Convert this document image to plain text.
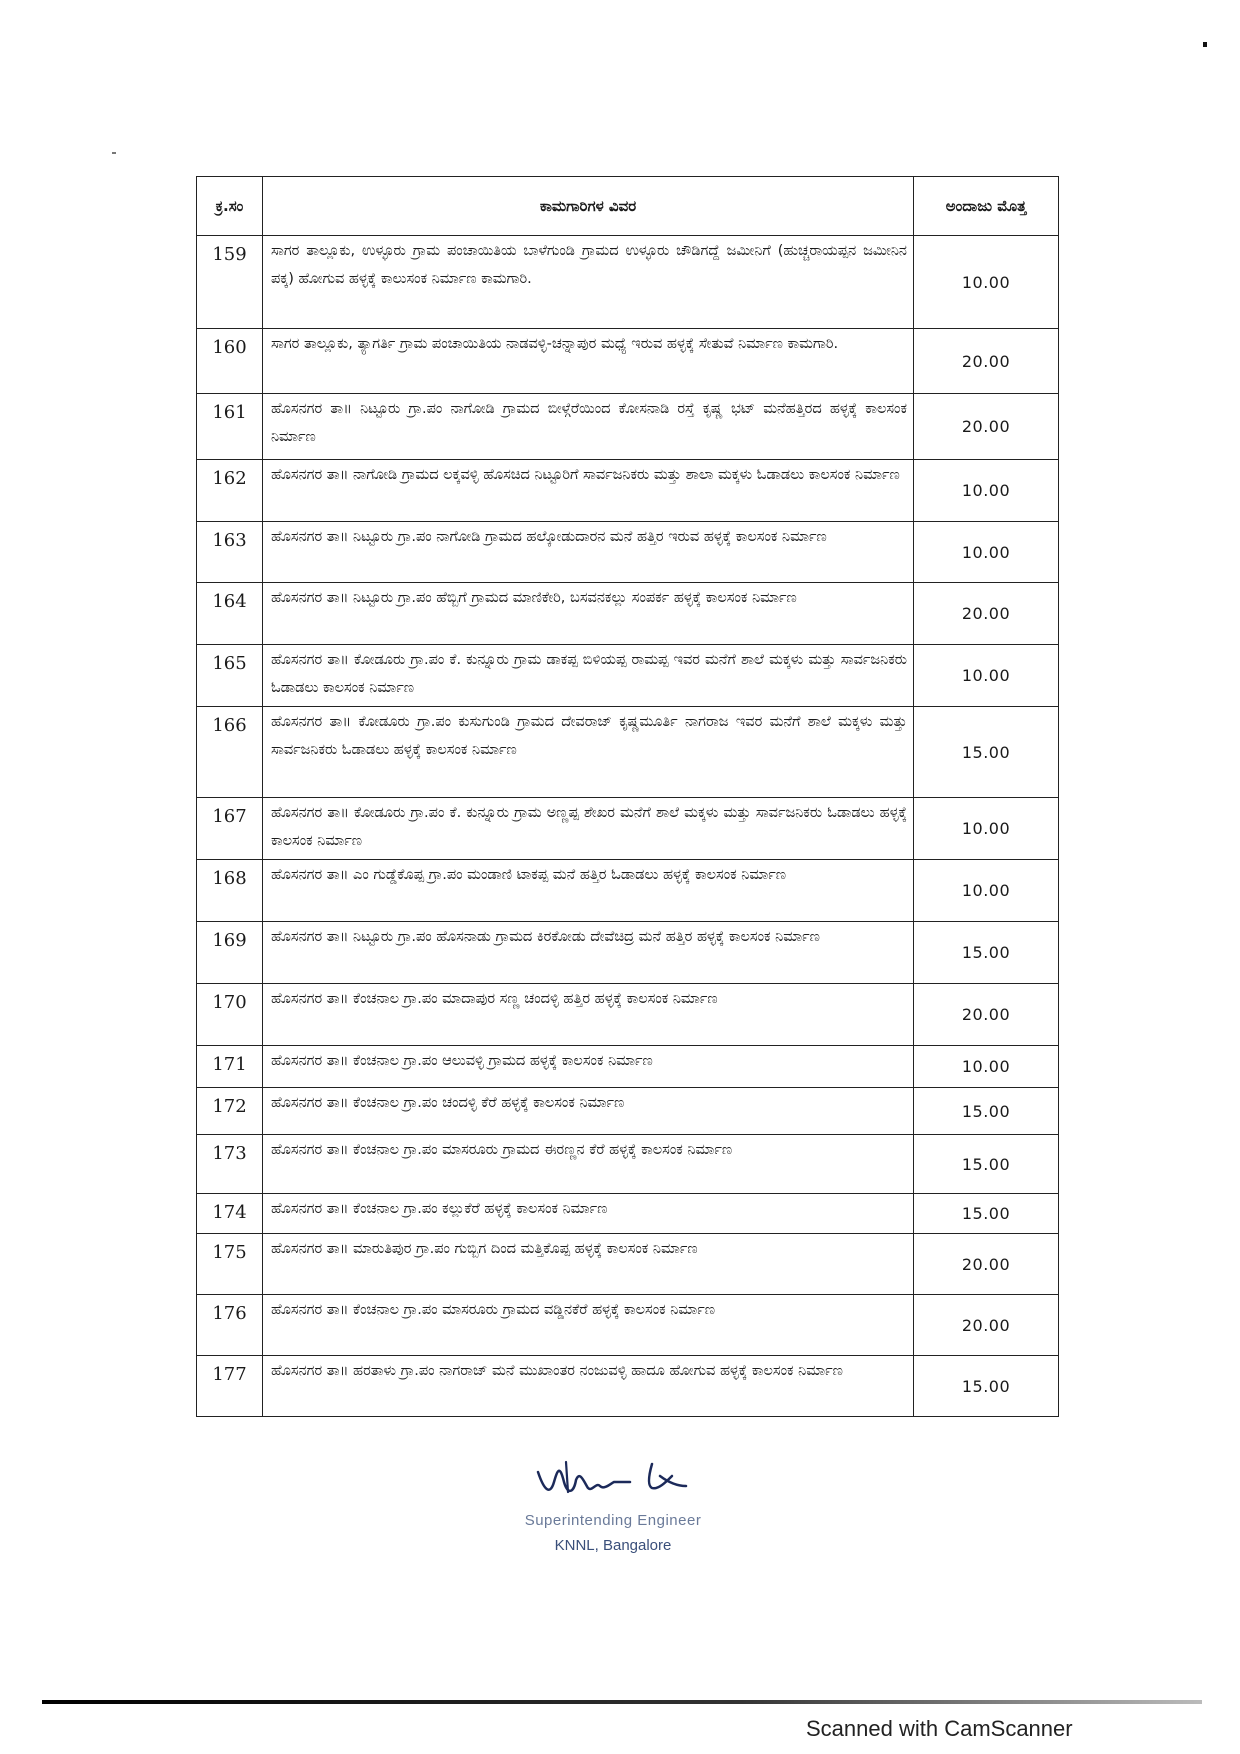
ಕ್ರ.ಸಂ	ಕಾಮಗಾರಿಗಳ ವಿವರ	ಅಂದಾಜು ಮೊತ್ತ
159	ಸಾಗರ ತಾಲ್ಲೂಕು, ಉಳ್ಳೂರು ಗ್ರಾಮ ಪಂಚಾಯಿತಿಯ ಬಾಳೆಗುಂಡಿ ಗ್ರಾಮದ ಉಳ್ಳೂರು ಚೌಡಿಗದ್ದೆ ಜಮೀನಿಗೆ (ಹುಚ್ಚರಾಯಪ್ಪನ ಜಮೀನಿನ ಪಕ್ಕ) ಹೋಗುವ ಹಳ್ಳಕ್ಕೆ ಕಾಲುಸಂಕ ನಿರ್ಮಾಣ ಕಾಮಗಾರಿ.	10.00
160	ಸಾಗರ ತಾಲ್ಲೂಕು, ತ್ಯಾಗರ್ತಿ ಗ್ರಾಮ ಪಂಚಾಯಿತಿಯ ನಾಡವಳ್ಳಿ-ಚನ್ನಾಪುರ ಮಧ್ಯೆ ಇರುವ ಹಳ್ಳಕ್ಕೆ ಸೇತುವೆ ನಿರ್ಮಾಣ ಕಾಮಗಾರಿ.	20.00
161	ಹೊಸನಗರ ತಾ॥ ನಿಟ್ಟೂರು ಗ್ರಾ.ಪಂ ನಾಗೋಡಿ ಗ್ರಾಮದ ಬೀಳ್ಗೆರೆಯಿಂದ ಕೋಸನಾಡಿ ರಸ್ತೆ ಕೃಷ್ಣ ಭಟ್ ಮನೆಹತ್ತಿರದ ಹಳ್ಳಕ್ಕೆ ಕಾಲಸಂಕ ನಿರ್ಮಾಣ	20.00
162	ಹೊಸನಗರ ತಾ॥ ನಾಗೋಡಿ ಗ್ರಾಮದ ಲಕ್ಕವಳ್ಳಿ ಹೊಸಚಿದ ನಿಟ್ಟೂರಿಗೆ ಸಾರ್ವಜನಿಕರು ಮತ್ತು ಶಾಲಾ ಮಕ್ಕಳು ಓಡಾಡಲು ಕಾಲಸಂಕ ನಿರ್ಮಾಣ	10.00
163	ಹೊಸನಗರ ತಾ॥ ನಿಟ್ಟೂರು ಗ್ರಾ.ಪಂ ನಾಗೋಡಿ ಗ್ರಾಮದ ಹಲ್ಕೋಡುದಾರನ ಮನೆ ಹತ್ತಿರ ಇರುವ ಹಳ್ಳಕ್ಕೆ ಕಾಲಸಂಕ ನಿರ್ಮಾಣ	10.00
164	ಹೊಸನಗರ ತಾ॥ ನಿಟ್ಟೂರು ಗ್ರಾ.ಪಂ ಹೆಬ್ಬಿಗೆ ಗ್ರಾಮದ ಮಾಣಿಕೇರಿ, ಬಸವನಕಲ್ಲು ಸಂಪರ್ಕ ಹಳ್ಳಕ್ಕೆ ಕಾಲಸಂಕ ನಿರ್ಮಾಣ	20.00
165	ಹೊಸನಗರ ತಾ॥ ಕೋಡೂರು ಗ್ರಾ.ಪಂ ಕೆ. ಕುನ್ನೂರು ಗ್ರಾಮ ಡಾಕಪ್ಪ ಬಿಳಿಯಪ್ಪ ರಾಮಪ್ಪ ಇವರ ಮನೆಗೆ ಶಾಲೆ ಮಕ್ಕಳು ಮತ್ತು ಸಾರ್ವಜನಿಕರು ಓಡಾಡಲು ಕಾಲಸಂಕ ನಿರ್ಮಾಣ	10.00
166	ಹೊಸನಗರ ತಾ॥ ಕೋಡೂರು ಗ್ರಾ.ಪಂ ಕುಸುಗುಂಡಿ ಗ್ರಾಮದ ದೇವರಾಜ್ ಕೃಷ್ಣಮೂರ್ತಿ ನಾಗರಾಜ ಇವರ ಮನೆಗೆ ಶಾಲೆ ಮಕ್ಕಳು ಮತ್ತು ಸಾರ್ವಜನಿಕರು ಓಡಾಡಲು ಹಳ್ಳಕ್ಕೆ ಕಾಲಸಂಕ ನಿರ್ಮಾಣ	15.00
167	ಹೊಸನಗರ ತಾ॥ ಕೋಡೂರು ಗ್ರಾ.ಪಂ ಕೆ. ಕುನ್ನೂರು ಗ್ರಾಮ ಅಣ್ಣಪ್ಪ ಶೇಖರ ಮನೆಗೆ ಶಾಲೆ ಮಕ್ಕಳು ಮತ್ತು ಸಾರ್ವಜನಿಕರು ಓಡಾಡಲು ಹಳ್ಳಕ್ಕೆ ಕಾಲಸಂಕ ನಿರ್ಮಾಣ	10.00
168	ಹೊಸನಗರ ತಾ॥ ಎಂ ಗುಡ್ಡೆಕೊಪ್ಪ ಗ್ರಾ.ಪಂ ಮಂಡಾಣಿ ಟಾಕಪ್ಪ ಮನೆ ಹತ್ತಿರ ಓಡಾಡಲು ಹಳ್ಳಕ್ಕೆ ಕಾಲಸಂಕ ನಿರ್ಮಾಣ	10.00
169	ಹೊಸನಗರ ತಾ॥ ನಿಟ್ಟೂರು ಗ್ರಾ.ಪಂ ಹೊಸನಾಡು ಗ್ರಾಮದ ಕಿರಕೋಡು ದೇವೆಚಿದ್ರ ಮನೆ ಹತ್ತಿರ ಹಳ್ಳಕ್ಕೆ ಕಾಲಸಂಕ ನಿರ್ಮಾಣ	15.00
170	ಹೊಸನಗರ ತಾ॥ ಕೆಂಚನಾಲ ಗ್ರಾ.ಪಂ ಮಾದಾಪುರ ಸಣ್ಣ ಚಂದಳ್ಳಿ ಹತ್ತಿರ ಹಳ್ಳಕ್ಕೆ ಕಾಲಸಂಕ ನಿರ್ಮಾಣ	20.00
171	ಹೊಸನಗರ ತಾ॥ ಕೆಂಚನಾಲ ಗ್ರಾ.ಪಂ ಆಲುವಳ್ಳಿ ಗ್ರಾಮದ ಹಳ್ಳಕ್ಕೆ ಕಾಲಸಂಕ ನಿರ್ಮಾಣ	10.00
172	ಹೊಸನಗರ ತಾ॥ ಕೆಂಚನಾಲ ಗ್ರಾ.ಪಂ ಚಂದಳ್ಳಿ ಕೆರೆ ಹಳ್ಳಕ್ಕೆ ಕಾಲಸಂಕ ನಿರ್ಮಾಣ	15.00
173	ಹೊಸನಗರ ತಾ॥ ಕೆಂಚನಾಲ ಗ್ರಾ.ಪಂ ಮಾಸರೂರು ಗ್ರಾಮದ ಈರಣ್ಣನ ಕೆರೆ ಹಳ್ಳಕ್ಕೆ ಕಾಲಸಂಕ ನಿರ್ಮಾಣ	15.00
174	ಹೊಸನಗರ ತಾ॥ ಕೆಂಚನಾಲ ಗ್ರಾ.ಪಂ ಕಲ್ಲುಕೆರೆ ಹಳ್ಳಕ್ಕೆ ಕಾಲಸಂಕ ನಿರ್ಮಾಣ	15.00
175	ಹೊಸನಗರ ತಾ॥ ಮಾರುತಿಪುರ ಗ್ರಾ.ಪಂ ಗುಬ್ಬಿಗ ದಿಂದ ಮತ್ತಿಕೊಪ್ಪ ಹಳ್ಳಕ್ಕೆ ಕಾಲಸಂಕ ನಿರ್ಮಾಣ	20.00
176	ಹೊಸನಗರ ತಾ॥ ಕೆಂಚನಾಲ ಗ್ರಾ.ಪಂ ಮಾಸರೂರು ಗ್ರಾಮದ ವಡ್ಡಿನಕೆರೆ ಹಳ್ಳಕ್ಕೆ ಕಾಲಸಂಕ ನಿರ್ಮಾಣ	20.00
177	ಹೊಸನಗರ ತಾ॥ ಹರತಾಳು ಗ್ರಾ.ಪಂ ನಾಗರಾಜ್ ಮನೆ ಮುಖಾಂತರ ನಂಜುವಳ್ಳಿ ಹಾದೂ ಹೋಗುವ ಹಳ್ಳಕ್ಕೆ ಕಾಲಸಂಕ ನಿರ್ಮಾಣ	15.00
Superintending Engineer
KNNL, Bangalore
Scanned with CamScanner
